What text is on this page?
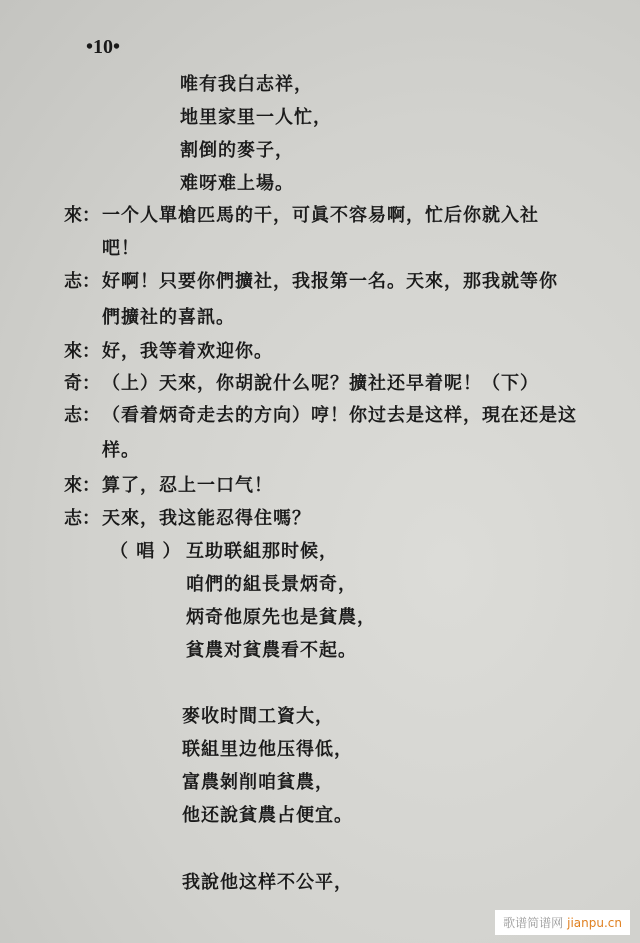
•10•
唯有我白志祥，
地里家里一人忙，
割倒的麥子，
难呀难上場。
來： 一个人單槍匹馬的干，可眞不容易啊，忙后你就入社
吧！
志： 好啊！只要你們擴社，我报第一名。天來，那我就等你
們擴社的喜訊。
來： 好，我等着欢迎你。
奇： （上）天來，你胡說什么呢？擴社还早着呢！（下）
志： （看着炳奇走去的方向）哼！你过去是这样，現在还是这
样。
來： 算了，忍上一口气！
志： 天來，我这能忍得住嗎？
（ 唱 ） 互助联組那时候，
咱們的組長景炳奇，
炳奇他原先也是貧農，
貧農对貧農看不起。
麥收时間工資大，
联組里边他压得低，
富農剝削咱貧農，
他还說貧農占便宜。
我說他这样不公平，
歌谱简谱网 jianpu.cn
